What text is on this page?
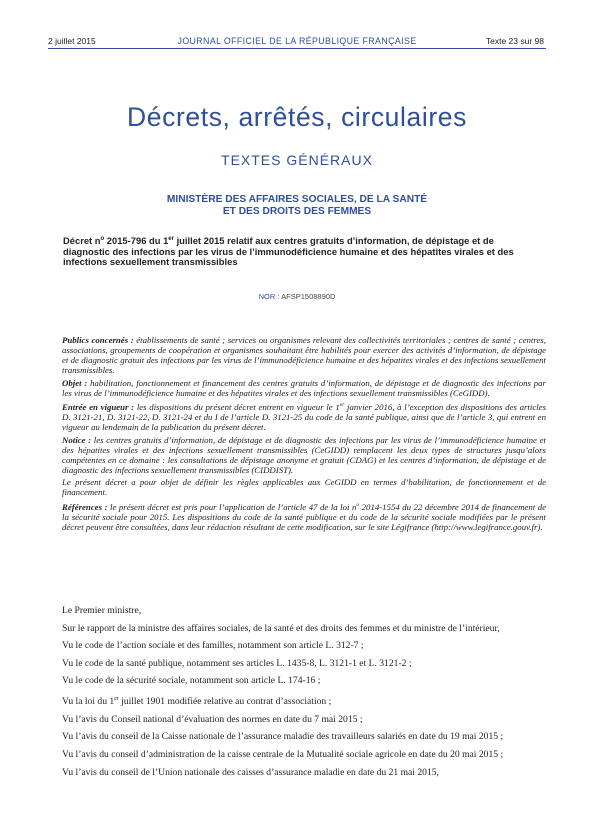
JOURNAL OFFICIEL DE LA RÉPUBLIQUE FRANÇAISE
2 juillet 2015	Texte 23 sur 98
Décrets, arrêtés, circulaires
TEXTES GÉNÉRAUX
MINISTÈRE DES AFFAIRES SOCIALES, DE LA SANTÉ
ET DES DROITS DES FEMMES
Décret $n^o$ 2015-796 du 1er juillet 2015 relatif aux centres gratuits d’information, de dépistage et de diagnostic des infections par les virus de l’immunodéficience humaine et des hépatites virales et des infections sexuellement transmissibles
NOR : AFSP1508890D

Publics concernés : établissements de santé ; services ou organismes relevant des collectivités territoriales ; centres de santé ; centres, associations, groupements de coopération et organismes souhaitant être habilités pour exercer des activités d’information, de dépistage et de diagnostic gratuit des infections par les virus de l’immunodéficience humaine et des hépatites virales et des infections sexuellement transmissibles.

Objet : habilitation, fonctionnement et financement des centres gratuits d’information, de dépistage et de diagnostic des infections par les virus de l’immunodéficience humaine et des hépatites virales et des infections sexuellement transmissibles (CeGIDD).

Entrée en vigueur : les dispositions du présent décret entrent en vigueur le 1er janvier 2016, à l’exception des dispositions des articles D. 3121-21, D. 3121-22, D. 3121-24 et du I de l’article D. 3121-25 du code de la santé publique, ainsi que de l’article 3, qui entrent en vigueur au lendemain de la publication du présent décret.

Notice : les centres gratuits d’information, de dépistage et de diagnostic des infections par les virus de l’immunodéficience humaine et des hépatites virales et des infections sexuellement transmissibles (CeGIDD) remplacent les deux types de structures jusqu’alors compétentes en ce domaine : les consultations de dépistage anonyme et gratuit (CDAG) et les centres d’information, de dépistage et de diagnostic des infections sexuellement transmissibles (CIDDIST).

Le présent décret a pour objet de définir les règles applicables aux CeGIDD en termes d’habilitation, de fonctionnement et de financement.

Références : le présent décret est pris pour l’application de l’article 47 de la loi $n^o$ 2014-1554 du 22 décembre 2014 de financement de la sécurité sociale pour 2015. Les dispositions du code de la santé publique et du code de la sécurité sociale modifiées par le présent décret peuvent être consultées, dans leur rédaction résultant de cette modification, sur le site Légifrance (http://www.legifrance.gouv.fr).

Le Premier ministre,

Sur le rapport de la ministre des affaires sociales, de la santé et des droits des femmes et du ministre de l’intérieur,

Vu le code de l’action sociale et des familles, notamment son article L. 312-7 ;

Vu le code de la santé publique, notamment ses articles L. 1435-8, L. 3121-1 et L. 3121-2 ;

Vu le code de la sécurité sociale, notamment son article L. 174-16 ;

Vu la loi du 1er juillet 1901 modifiée relative au contrat d’association ;

Vu l’avis du Conseil national d’évaluation des normes en date du 7 mai 2015 ;

Vu l’avis du conseil de la Caisse nationale de l’assurance maladie des travailleurs salariés en date du 19 mai 2015 ;

Vu l’avis du conseil d’administration de la caisse centrale de la Mutualité sociale agricole en date du 20 mai 2015 ;

Vu l’avis du conseil de l’Union nationale des caisses d’assurance maladie en date du 21 mai 2015,
